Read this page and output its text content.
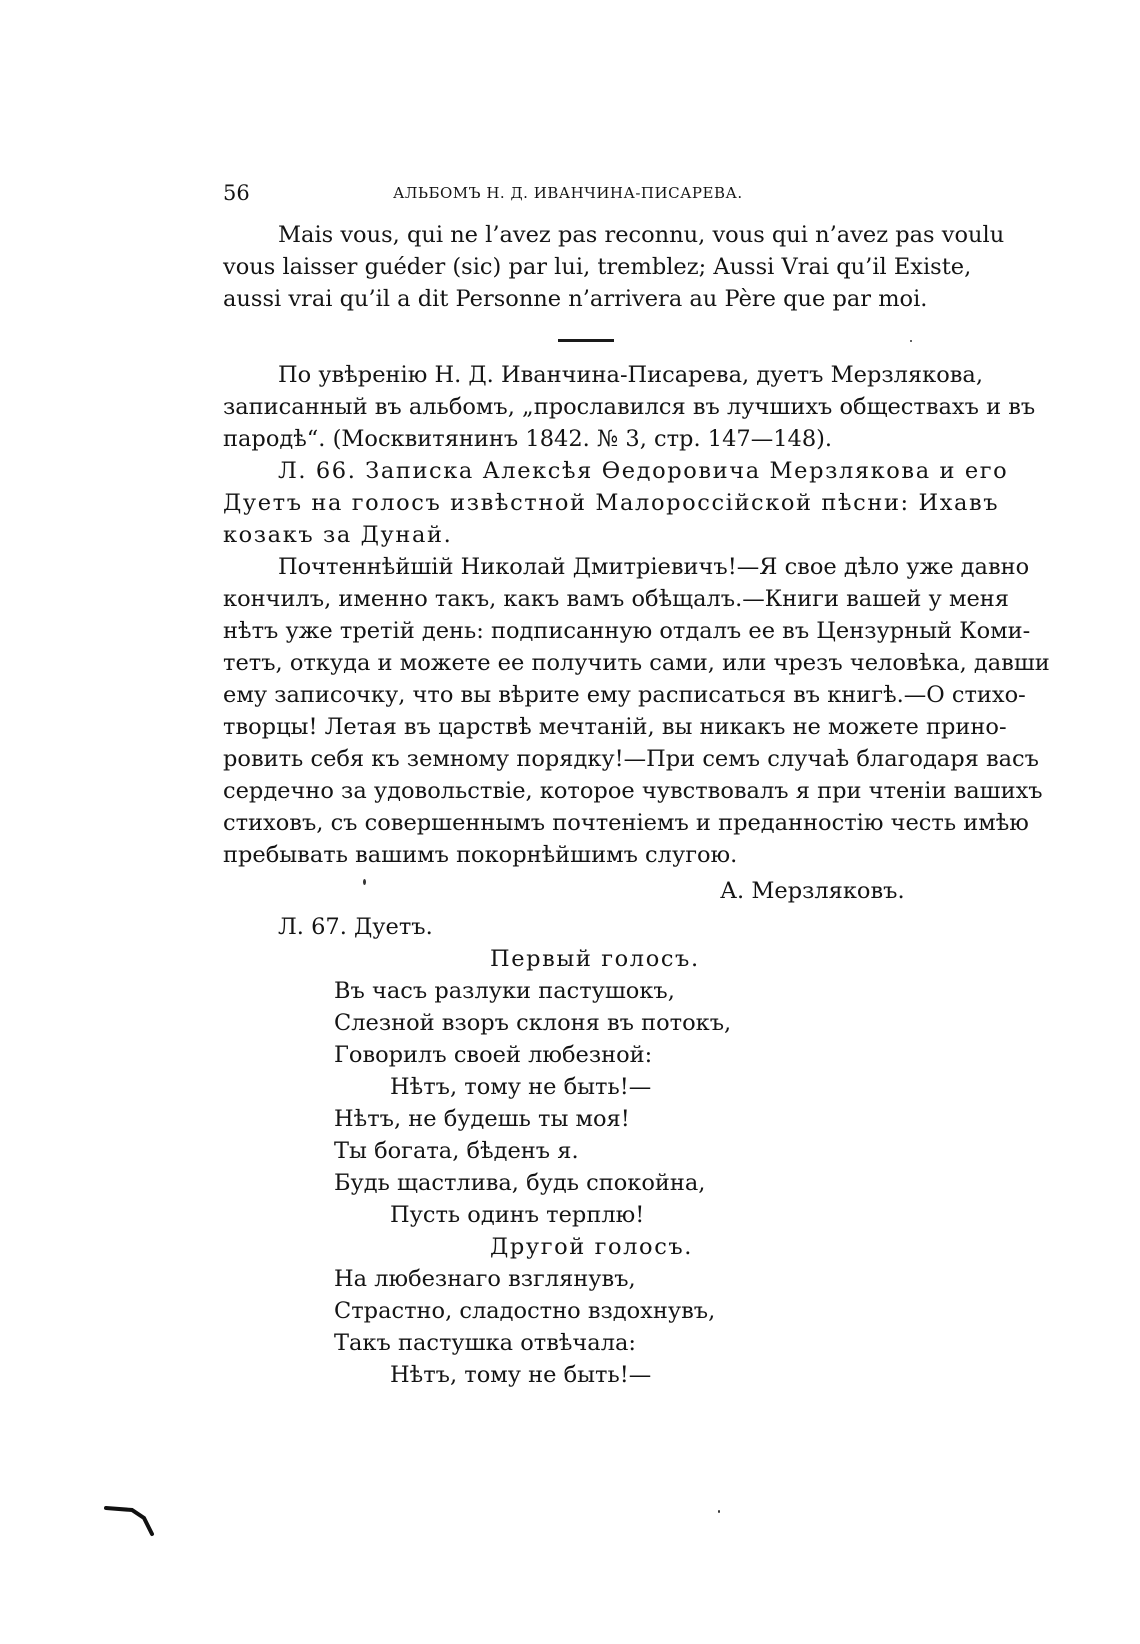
56	АЛЬБОМЪ Н. Д. ИВАНЧИНА-ПИСАРЕВА.
Mais vous, qui ne l’avez pas reconnu, vous qui n’avez pas voulu
vous laisser guéder (sic) par lui, tremblez; Aussi Vrai qu’il Existe,
aussi vrai qu’il a dit Personne n’arrivera au Père que par moi.
По увѣренію Н. Д. Иванчина-Писарева, дуетъ Мерзлякова,
записанный въ альбомъ, „прославился въ лучшихъ обществахъ и въ
пародѣ“. (Москвитянинъ 1842. № 3, стр. 147—148).
Л. 66. Записка Алексѣя Ѳедоровича Мерзлякова и его
Дуетъ на голосъ извѣстной Малороссійской пѣсни: Ихавъ
козакъ за Дунай.
Почтеннѣйшій Николай Дмитріевичъ!—Я свое дѣло уже давно
кончилъ, именно такъ, какъ вамъ обѣщалъ.—Книги вашей у меня
нѣтъ уже третій день: подписанную отдалъ ее въ Цензурный Коми-
тетъ, откуда и можете ее получить сами, или чрезъ человѣка, давши
ему записочку, что вы вѣрите ему расписаться въ книгѣ.—О стихо-
творцы! Летая въ царствѣ мечтаній, вы никакъ не можете прино-
ровить себя къ земному порядку!—При семъ случаѣ благодаря васъ
сердечно за удовольствіе, которое чувствовалъ я при чтеніи вашихъ
стиховъ, съ совершеннымъ почтеніемъ и преданностію честь имѣю
пребывать вашимъ покорнѣйшимъ слугою.
А. Мерзляковъ.
Л. 67. Дуетъ.
Первый голосъ.
Въ часъ разлуки пастушокъ,
Слезной взоръ склоня въ потокъ,
Говорилъ своей любезной:
Нѣтъ, тому не быть!—
Нѣтъ, не будешь ты моя!
Ты богата, бѣденъ я.
Будь щастлива, будь спокойна,
Пусть одинъ терплю!
Другой голосъ.
На любезнаго взглянувъ,
Страстно, сладостно вздохнувъ,
Такъ пастушка отвѣчала:
Нѣтъ, тому не быть!—
